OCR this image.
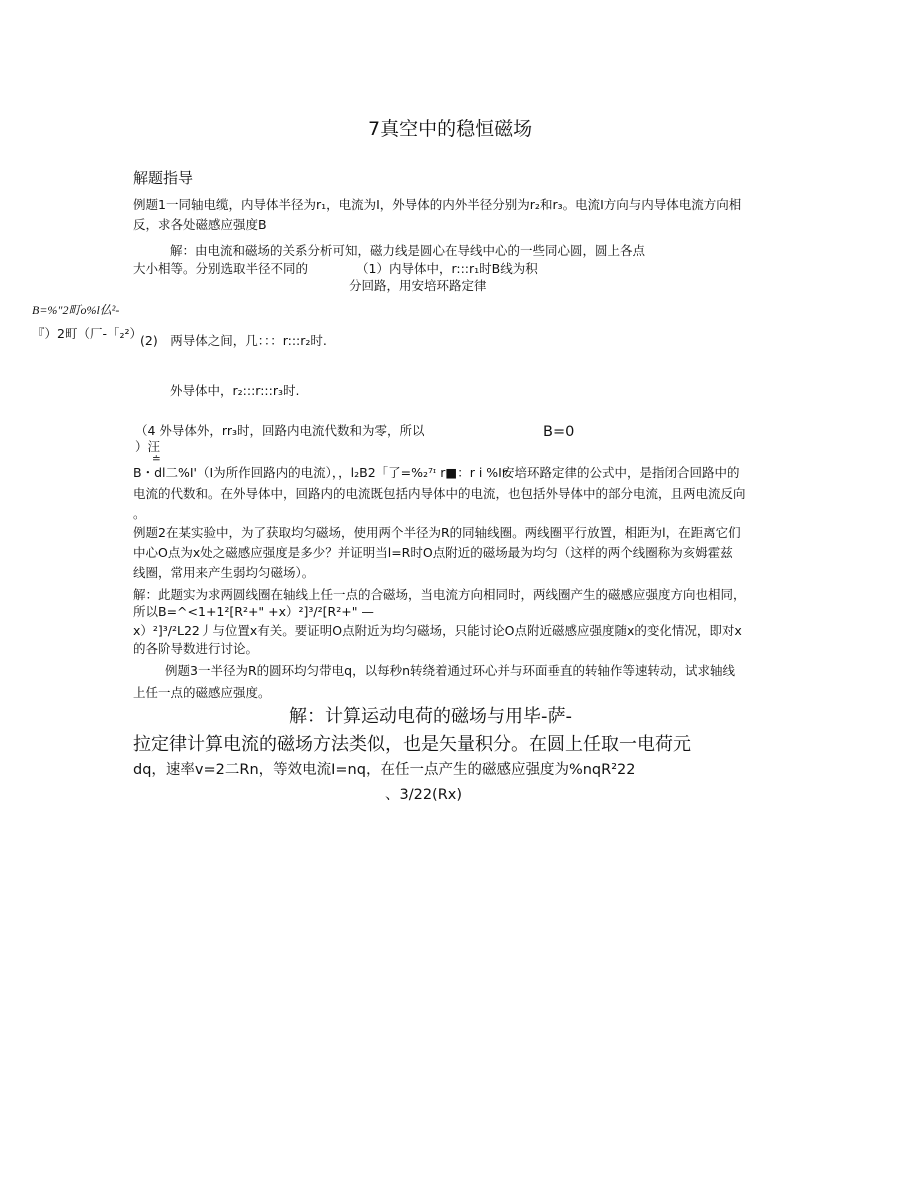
7真空中的稳恒磁场
解题指导
例题1一同轴电缆，内导体半径为r₁，电流为I，外导体的内外半径分别为r₂和r₃。电流I方向与内导体电流方向相
反，求各处磁感应强度B
解：由电流和磁场的关系分析可知，磁力线是圆心在导线中心的一些同心圆，圆上各点
大小相等。分别选取半径不同的	（1）内导体中，r:::r₁时B线为积
分回路，用安培环路定律
B=%"2町o%l仏²-
『）2町（厂-「₂²）
(2)　两导体之间，几：：：r:::r₂时.
外导体中，r₂:::r:::r₃时.
（4 外导体外，rr₃时，回路内电流代数和为零，所以	B=0
）汪
≐
B・dl二%I'（I为所作回路内的电流），，l₂B2「了=%₂⁷ᶦ r■：r i %Ir
安培环路定律的公式中，是指闭合回路中的
电流的代数和。在外导体中，回路内的电流既包括内导体中的电流，也包括外导体中的部分电流，且两电流反向
。
例题2在某实验中，为了获取均匀磁场，使用两个半径为R的同轴线圈。两线圈平行放置，相距为l，在距离它们
中心O点为x处之磁感应强度是多少？并证明当l=R时O点附近的磁场最为均匀（这样的两个线圈称为亥姆霍兹
线圈，常用来产生弱均匀磁场）。
解：此题实为求两圆线圈在轴线上任一点的合磁场，当电流方向相同时，两线圈产生的磁感应强度方向也相同，
所以B=^<1+1²[R²+" +x）²]³/²[R²+" —
x）²]³/²L22丿与位置x有关。要证明O点附近为均匀磁场，只能讨论O点附近磁感应强度随x的变化情况，即对x
的各阶导数进行讨论。
例题3一半径为R的圆环均匀带电q，以每秒n转绕着通过环心并与环面垂直的转轴作等速转动，试求轴线
上任一点的磁感应强度。
解：计算运动电荷的磁场与用毕-萨-
拉定律计算电流的磁场方法类似，也是矢量积分。在圆上任取一电荷元
dq，速率v=2二Rn，等效电流I=nq，在任一点产生的磁感应强度为%nqR²22
、3/22(Rx)
